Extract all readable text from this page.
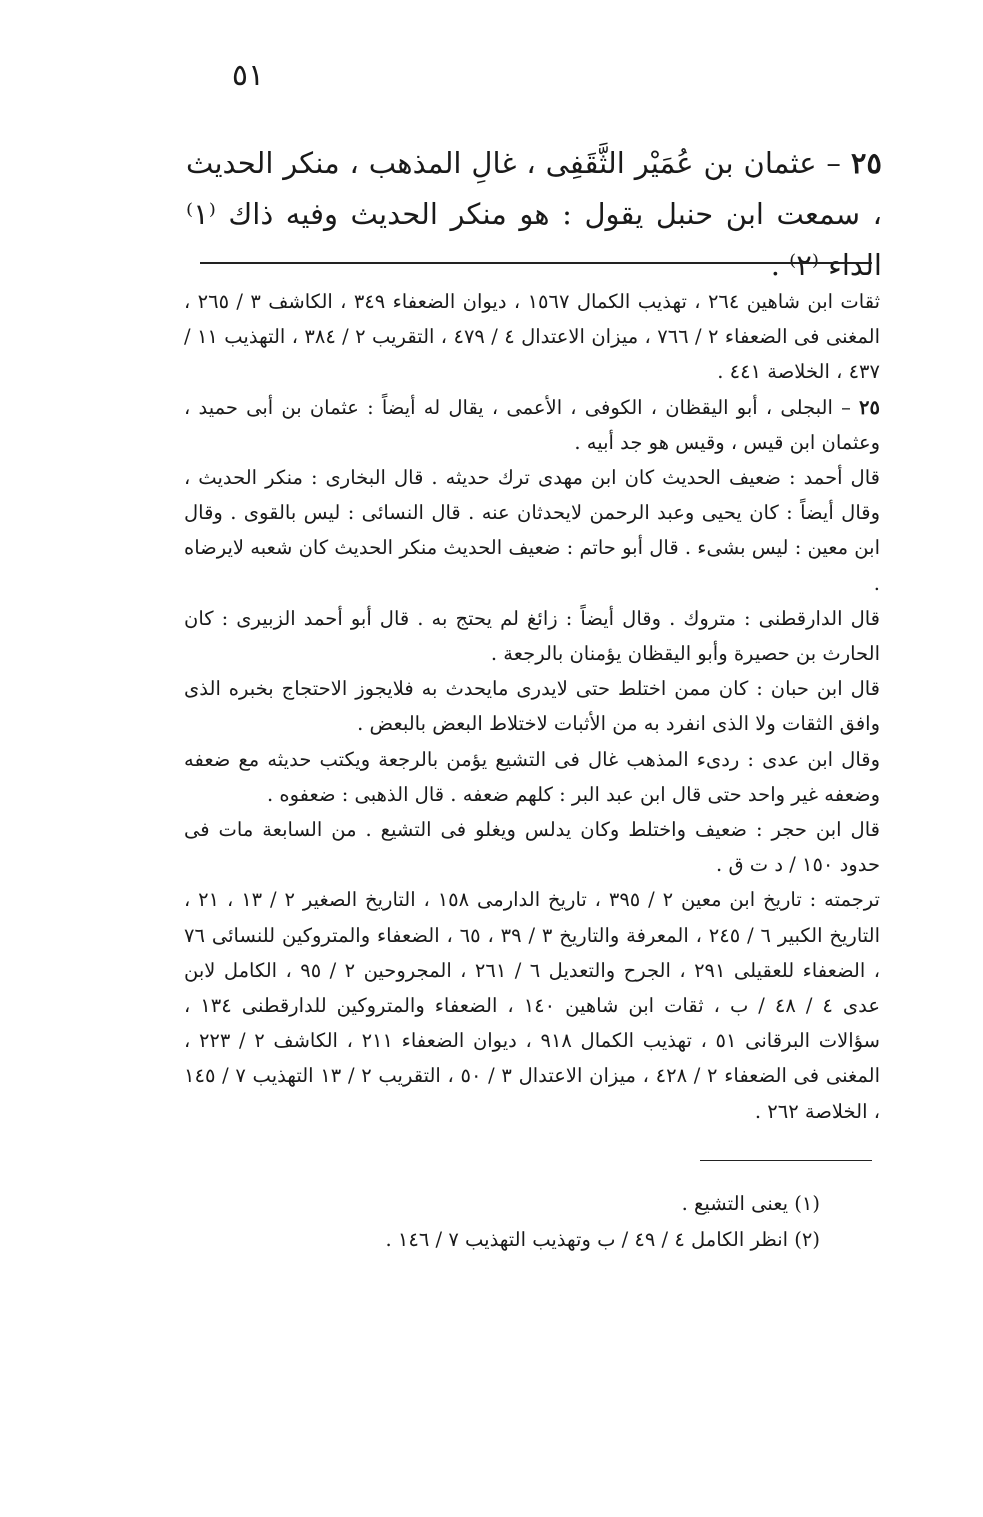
٥١
٢٥ – عثمان بن عُمَيْر الثَّقَفِى ، غالِ المذهب ، منكر الحديث ، سمعت ابن حنبل يقول : هو منكر الحديث وفيه ذاك ⁽١⁾ الداء ⁽٢⁾ .

ثقات ابن شاهين ٢٦٤ ، تهذيب الكمال ١٥٦٧ ، ديوان الضعفاء ٣٤٩ ، الكاشف ٣ / ٢٦٥ ، المغنى فى الضعفاء ٢ / ٧٦٦ ، ميزان الاعتدال ٤ / ٤٧٩ ، التقريب ٢ / ٣٨٤ ، التهذيب ١١ / ٤٣٧ ، الخلاصة ٤٤١ .

٢٥ – البجلى ، أبو اليقظان ، الكوفى ، الأعمى ، يقال له أيضاً : عثمان بن أبى حميد ، وعثمان ابن قيس ، وقيس هو جد أبيه .

قال أحمد : ضعيف الحديث كان ابن مهدى ترك حديثه . قال البخارى : منكر الحديث ، وقال أيضاً : كان يحيى وعبد الرحمن لايحدثان عنه . قال النسائى : ليس بالقوى . وقال ابن معين : ليس بشىء . قال أبو حاتم : ضعيف الحديث منكر الحديث كان شعبه لايرضاه .

قال الدارقطنى : متروك . وقال أيضاً : زائغ لم يحتج به . قال أبو أحمد الزبيرى : كان الحارث بن حصيرة وأبو اليقظان يؤمنان بالرجعة .

قال ابن حبان : كان ممن اختلط حتى لايدرى مايحدث به فلايجوز الاحتجاج بخبره الذى وافق الثقات ولا الذى انفرد به من الأثبات لاختلاط البعض بالبعض .

وقال ابن عدى : ردىء المذهب غال فى التشيع يؤمن بالرجعة ويكتب حديثه مع ضعفه وضعفه غير واحد حتى قال ابن عبد البر : كلهم ضعفه . قال الذهبى : ضعفوه .

قال ابن حجر : ضعيف واختلط وكان يدلس ويغلو فى التشيع . من السابعة مات فى حدود ١٥٠ / د ت ق .

ترجمته : تاريخ ابن معين ٢ / ٣٩٥ ، تاريخ الدارمى ١٥٨ ، التاريخ الصغير ٢ / ١٣ ، ٢١ ، التاريخ الكبير ٦ / ٢٤٥ ، المعرفة والتاريخ ٣ / ٣٩ ، ٦٥ ، الضعفاء والمتروكين للنسائى ٧٦ ، الضعفاء للعقيلى ٢٩١ ، الجرح والتعديل ٦ / ٢٦١ ، المجروحين ٢ / ٩٥ ، الكامل لابن عدى ٤ / ٤٨ / ب ، ثقات ابن شاهين ١٤٠ ، الضعفاء والمتروكين للدارقطنى ١٣٤ ، سؤالات البرقانى ٥١ ، تهذيب الكمال ٩١٨ ، ديوان الضعفاء ٢١١ ، الكاشف ٢ / ٢٢٣ ، المغنى فى الضعفاء ٢ / ٤٢٨ ، ميزان الاعتدال ٣ / ٥٠ ، التقريب ٢ / ١٣ التهذيب ٧ / ١٤٥ ، الخلاصة ٢٦٢ .

(١) يعنى التشيع .

(٢) انظر الكامل ٤ / ٤٩ / ب وتهذيب التهذيب ٧ / ١٤٦ .
